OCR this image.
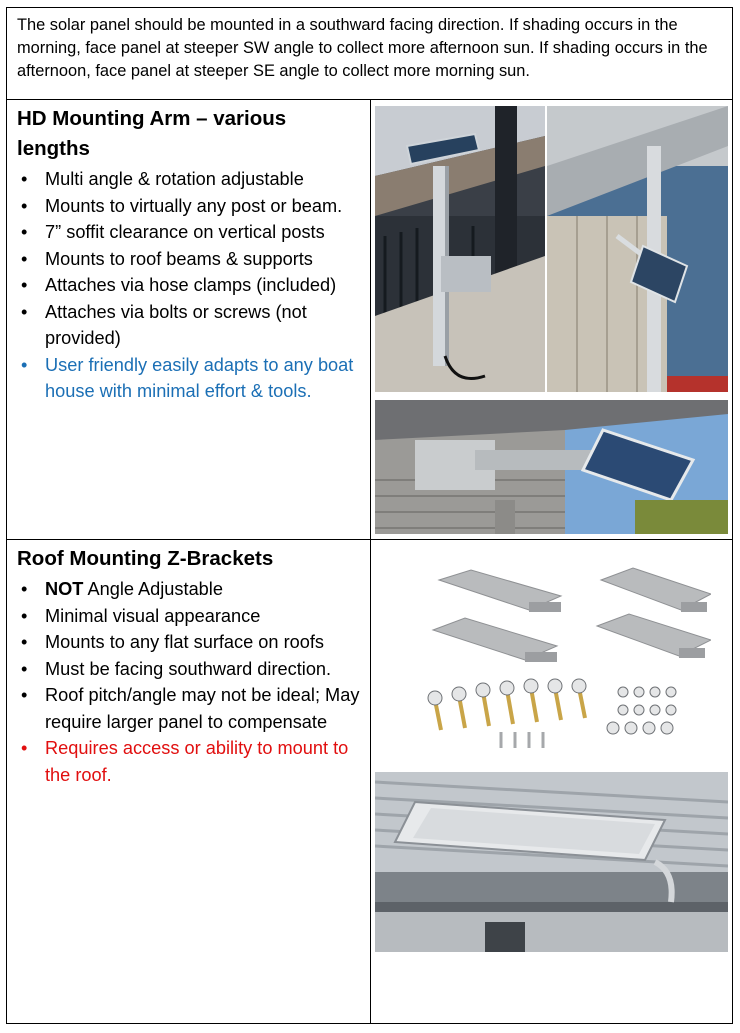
The solar panel should be mounted in a southward facing direction. If shading occurs in the morning, face panel at steeper SW angle to collect more afternoon sun. If shading occurs in the afternoon, face panel at steeper SE angle to collect more morning sun.
HD Mounting Arm – various lengths
• Multi angle & rotation adjustable
• Mounts to virtually any post or beam.
• 7” soffit clearance on vertical posts
• Mounts to roof beams & supports
• Attaches via hose clamps (included)
• Attaches via bolts or screws (not provided)
• User friendly easily adapts to any boat house with minimal effort & tools.
Roof Mounting Z-Brackets
• NOT Angle Adjustable
• Minimal visual appearance
• Mounts to any flat surface on roofs
• Must be facing southward direction.
• Roof pitch/angle may not be ideal; May require larger panel to compensate
• Requires access or ability to mount to the roof.
